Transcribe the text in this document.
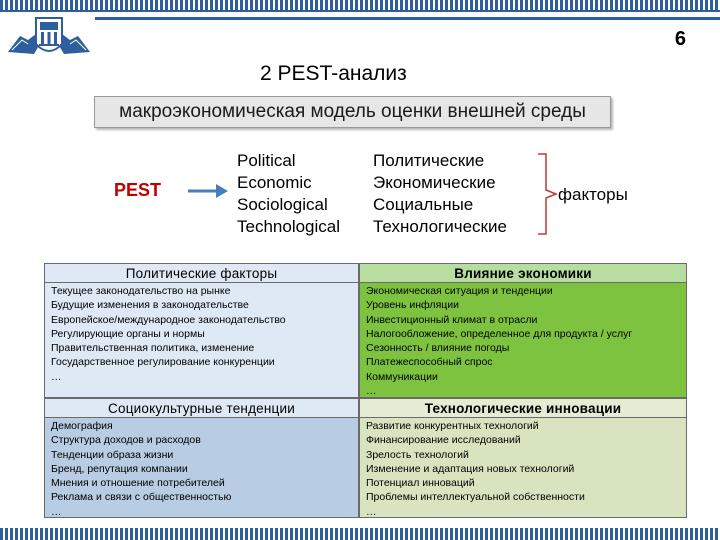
6
2 PEST-анализ
макроэкономическая модель оценки внешней среды
PEST
Political
Economic
Sociological
Technological
Политические
Экономические
Социальные
Технологические
факторы
Политические факторы
Текущее законодательство на рынке
Будущие изменения в законодательстве
Европейское/международное законодательство
Регулирующие органы и нормы
Правительственная политика, изменение
Государственное регулирование конкуренции
…
Влияние экономики
Экономическая ситуация и тенденции
Уровень инфляции
Инвестиционный климат в отрасли
Налогообложение, определенное для продукта / услуг
Сезонность / влияние погоды
Платежеспособный спрос
Коммуникации
…
Социокультурные тенденции
Демография
Структура доходов и расходов
Тенденции образа жизни
Бренд, репутация компании
Мнения и отношение потребителей
Реклама и связи с общественностью
…
Технологические инновации
Развитие конкурентных технологий
Финансирование исследований
Зрелость технологий
Изменение и адаптация новых технологий
Потенциал инноваций
Проблемы интеллектуальной собственности
…
